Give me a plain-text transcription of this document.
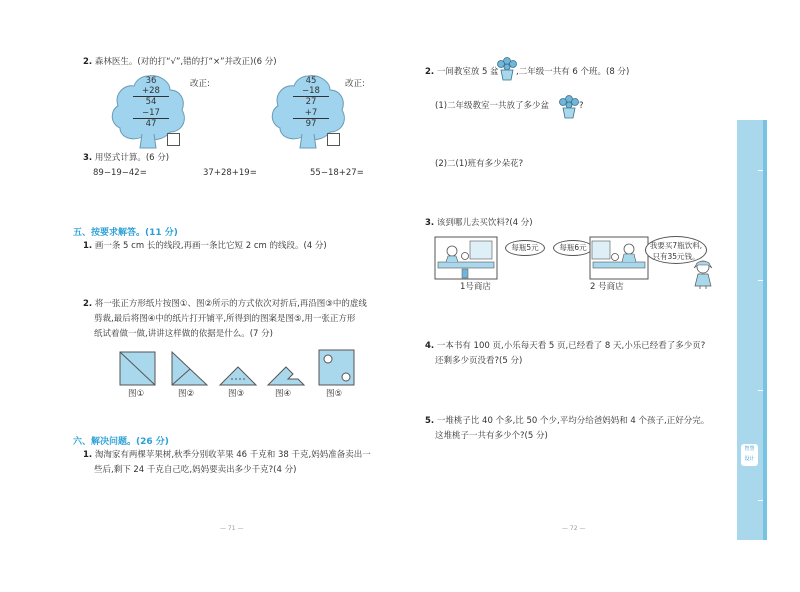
2. 森林医生。(对的打“√”,错的打“×”并改正)(6 分)
36
+28
54
−17
47
改正:	45
−18
27
+7
97
改正:
3. 用竖式计算。(6 分)
89−19−42=	37+28+19=	55−18+27=
五、按要求解答。(11 分)
1. 画一条 5 cm 长的线段,再画一条比它短 2 cm 的线段。(4 分)
2. 将一张正方形纸片按图①、图②所示的方式依次对折后,再沿图③中的虚线
剪裁,最后将图④中的纸片打开铺平,所得到的图案是图⑤,用一张正方形
纸试着做一做,讲讲这样做的依据是什么。(7 分)
图①	图②	图③	图④	图⑤
六、解决问题。(26 分)
1. 淘淘家有两棵苹果树,秋季分别收苹果 46 千克和 38 千克,妈妈准备卖出一
些后,剩下 24 千克自己吃,妈妈要卖出多少千克?(4 分)
— 71 —
2. 一间教室放 5 盆 ,二年级一共有 6 个班。(8 分)
(1)二年级教室一共放了多少盆	?
(2)二(1)班有多少朵花?
3. 该到哪儿去买饮料?(4 分)
每瓶5元
1号商店
每瓶6元
2 号商店
我要买7瓶饮料,
只有35元钱。
4. 一本书有 100 页,小乐每天看 5 页,已经看了 8 天,小乐已经看了多少页?
还剩多少页没看?(5 分)
5. 一堆桃子比 40 个多,比 50 个少,平均分给爸妈妈和 4 个孩子,正好分完。
这堆桃子一共有多少个?(5 分)
— 72 —
智慧
设计
